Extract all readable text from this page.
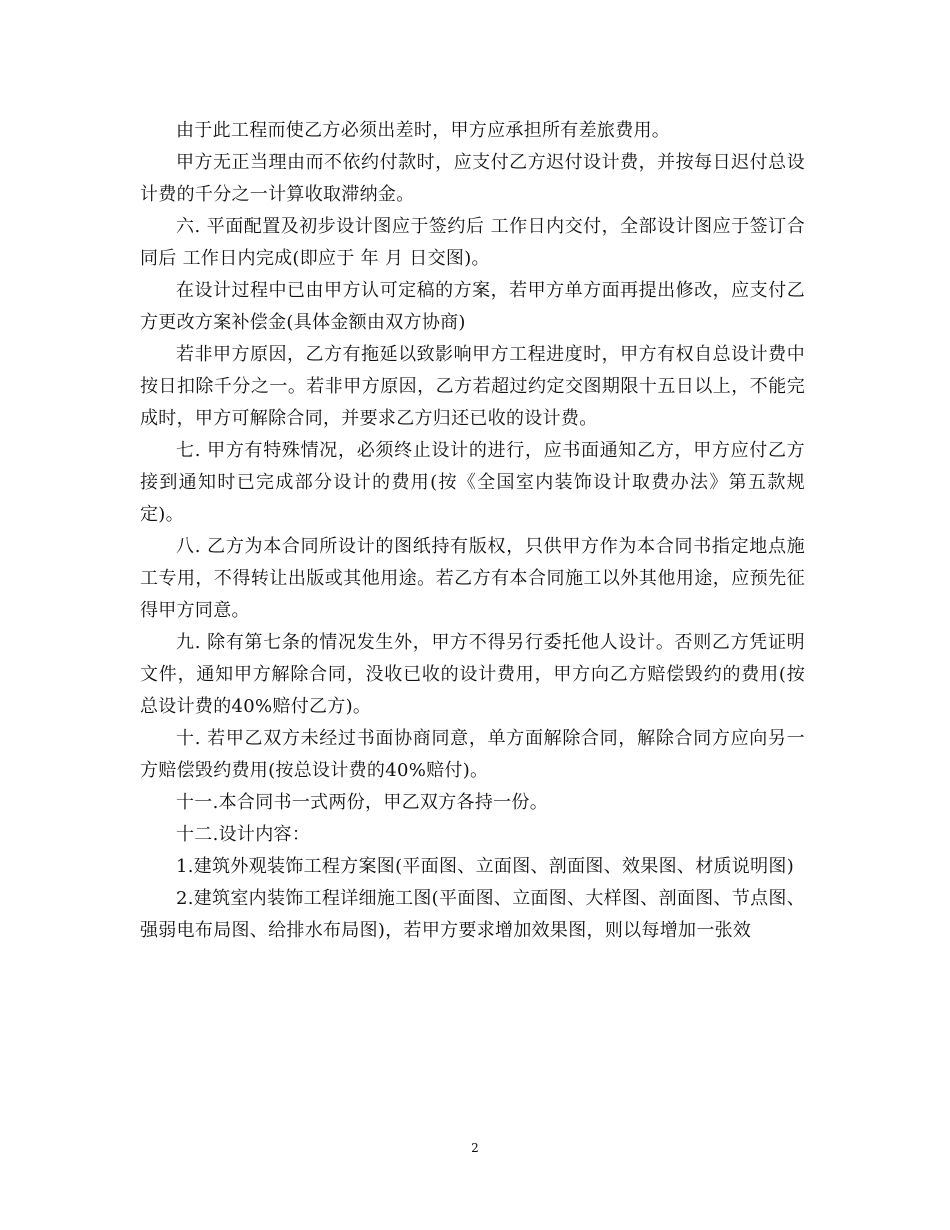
由于此工程而使乙方必须出差时，甲方应承担所有差旅费用。

甲方无正当理由而不依约付款时，应支付乙方迟付设计费，并按每日迟付总设计费的千分之一计算收取滞纳金。

六. 平面配置及初步设计图应于签约后 工作日内交付，全部设计图应于签订合同后 工作日内完成(即应于 年 月 日交图)。

在设计过程中已由甲方认可定稿的方案，若甲方单方面再提出修改，应支付乙方更改方案补偿金(具体金额由双方协商)

若非甲方原因，乙方有拖延以致影响甲方工程进度时，甲方有权自总设计费中按日扣除千分之一。若非甲方原因，乙方若超过约定交图期限十五日以上，不能完成时，甲方可解除合同，并要求乙方归还已收的设计费。

七. 甲方有特殊情况，必须终止设计的进行，应书面通知乙方，甲方应付乙方接到通知时已完成部分设计的费用(按《全国室内装饰设计取费办法》第五款规定)。

八. 乙方为本合同所设计的图纸持有版权，只供甲方作为本合同书指定地点施工专用，不得转让出版或其他用途。若乙方有本合同施工以外其他用途，应预先征得甲方同意。

九. 除有第七条的情况发生外，甲方不得另行委托他人设计。否则乙方凭证明文件，通知甲方解除合同，没收已收的设计费用，甲方向乙方赔偿毁约的费用(按总设计费的40%赔付乙方)。

十. 若甲乙双方未经过书面协商同意，单方面解除合同，解除合同方应向另一方赔偿毁约费用(按总设计费的40%赔付)。

十一.本合同书一式两份，甲乙双方各持一份。

十二.设计内容：

1.建筑外观装饰工程方案图(平面图、立面图、剖面图、效果图、材质说明图)

2.建筑室内装饰工程详细施工图(平面图、立面图、大样图、剖面图、节点图、强弱电布局图、给排水布局图)，若甲方要求增加效果图，则以每增加一张效

2
